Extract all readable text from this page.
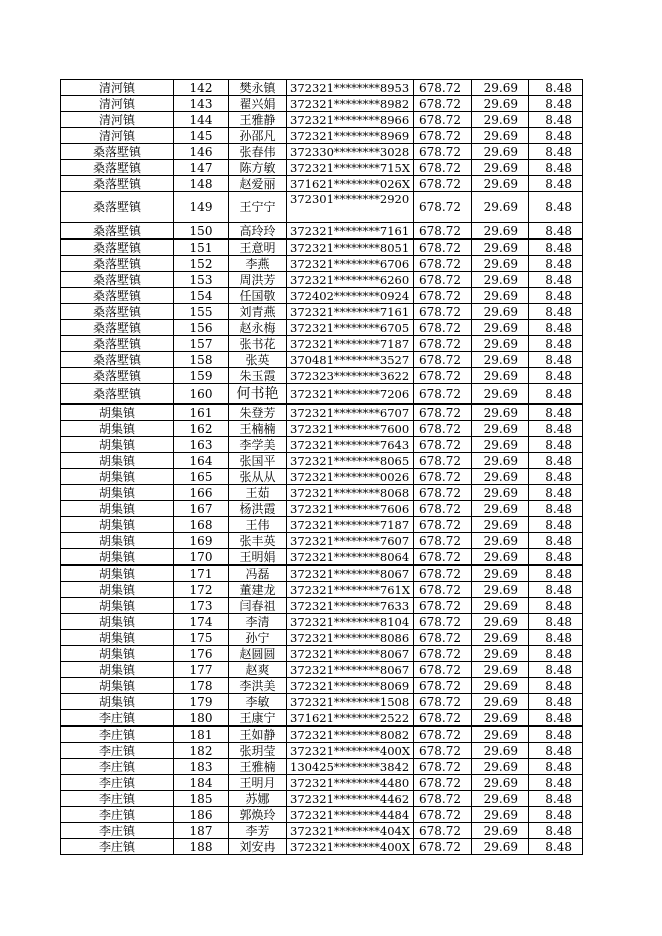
清河镇	142	樊永镇	372321********8953	678.72	29.69	8.48
清河镇	143	翟兴娟	372321********8982	678.72	29.69	8.48
清河镇	144	王雅静	372321********8966	678.72	29.69	8.48
清河镇	145	孙邵凡	372321********8969	678.72	29.69	8.48
桑落墅镇	146	张春伟	372330********3028	678.72	29.69	8.48
桑落墅镇	147	陈方敏	372321********715X	678.72	29.69	8.48
桑落墅镇	148	赵爱丽	371621********026X	678.72	29.69	8.48
桑落墅镇	149	王宁宁	372301********2920	678.72	29.69	8.48
桑落墅镇	150	高玲玲	372321********7161	678.72	29.69	8.48
桑落墅镇	151	王意明	372321********8051	678.72	29.69	8.48
桑落墅镇	152	李燕	372321********6706	678.72	29.69	8.48
桑落墅镇	153	周洪芳	372321********6260	678.72	29.69	8.48
桑落墅镇	154	任国敬	372402********0924	678.72	29.69	8.48
桑落墅镇	155	刘青燕	372321********7161	678.72	29.69	8.48
桑落墅镇	156	赵永梅	372321********6705	678.72	29.69	8.48
桑落墅镇	157	张书花	372321********7187	678.72	29.69	8.48
桑落墅镇	158	张英	370481********3527	678.72	29.69	8.48
桑落墅镇	159	朱玉霞	372323********3622	678.72	29.69	8.48
桑落墅镇	160	何书艳	372321********7206	678.72	29.69	8.48
胡集镇	161	朱登芳	372321********6707	678.72	29.69	8.48
胡集镇	162	王楠楠	372321********7600	678.72	29.69	8.48
胡集镇	163	李学美	372321********7643	678.72	29.69	8.48
胡集镇	164	张国平	372321********8065	678.72	29.69	8.48
胡集镇	165	张从从	372321********0026	678.72	29.69	8.48
胡集镇	166	王茹	372321********8068	678.72	29.69	8.48
胡集镇	167	杨洪霞	372321********7606	678.72	29.69	8.48
胡集镇	168	王伟	372321********7187	678.72	29.69	8.48
胡集镇	169	张丰英	372321********7607	678.72	29.69	8.48
胡集镇	170	王明娟	372321********8064	678.72	29.69	8.48
胡集镇	171	冯磊	372321********8067	678.72	29.69	8.48
胡集镇	172	董建龙	372321********761X	678.72	29.69	8.48
胡集镇	173	闫春祖	372321********7633	678.72	29.69	8.48
胡集镇	174	李清	372321********8104	678.72	29.69	8.48
胡集镇	175	孙宁	372321********8086	678.72	29.69	8.48
胡集镇	176	赵圆圆	372321********8067	678.72	29.69	8.48
胡集镇	177	赵爽	372321********8067	678.72	29.69	8.48
胡集镇	178	李洪美	372321********8069	678.72	29.69	8.48
胡集镇	179	李敏	372321********1508	678.72	29.69	8.48
李庄镇	180	王康宁	371621********2522	678.72	29.69	8.48
李庄镇	181	王如静	372321********8082	678.72	29.69	8.48
李庄镇	182	张玥莹	372321********400X	678.72	29.69	8.48
李庄镇	183	王雅楠	130425********3842	678.72	29.69	8.48
李庄镇	184	王明月	372321********4480	678.72	29.69	8.48
李庄镇	185	苏娜	372321********4462	678.72	29.69	8.48
李庄镇	186	郭焕玲	372321********4484	678.72	29.69	8.48
李庄镇	187	李芳	372321********404X	678.72	29.69	8.48
李庄镇	188	刘安冉	372321********400X	678.72	29.69	8.48
